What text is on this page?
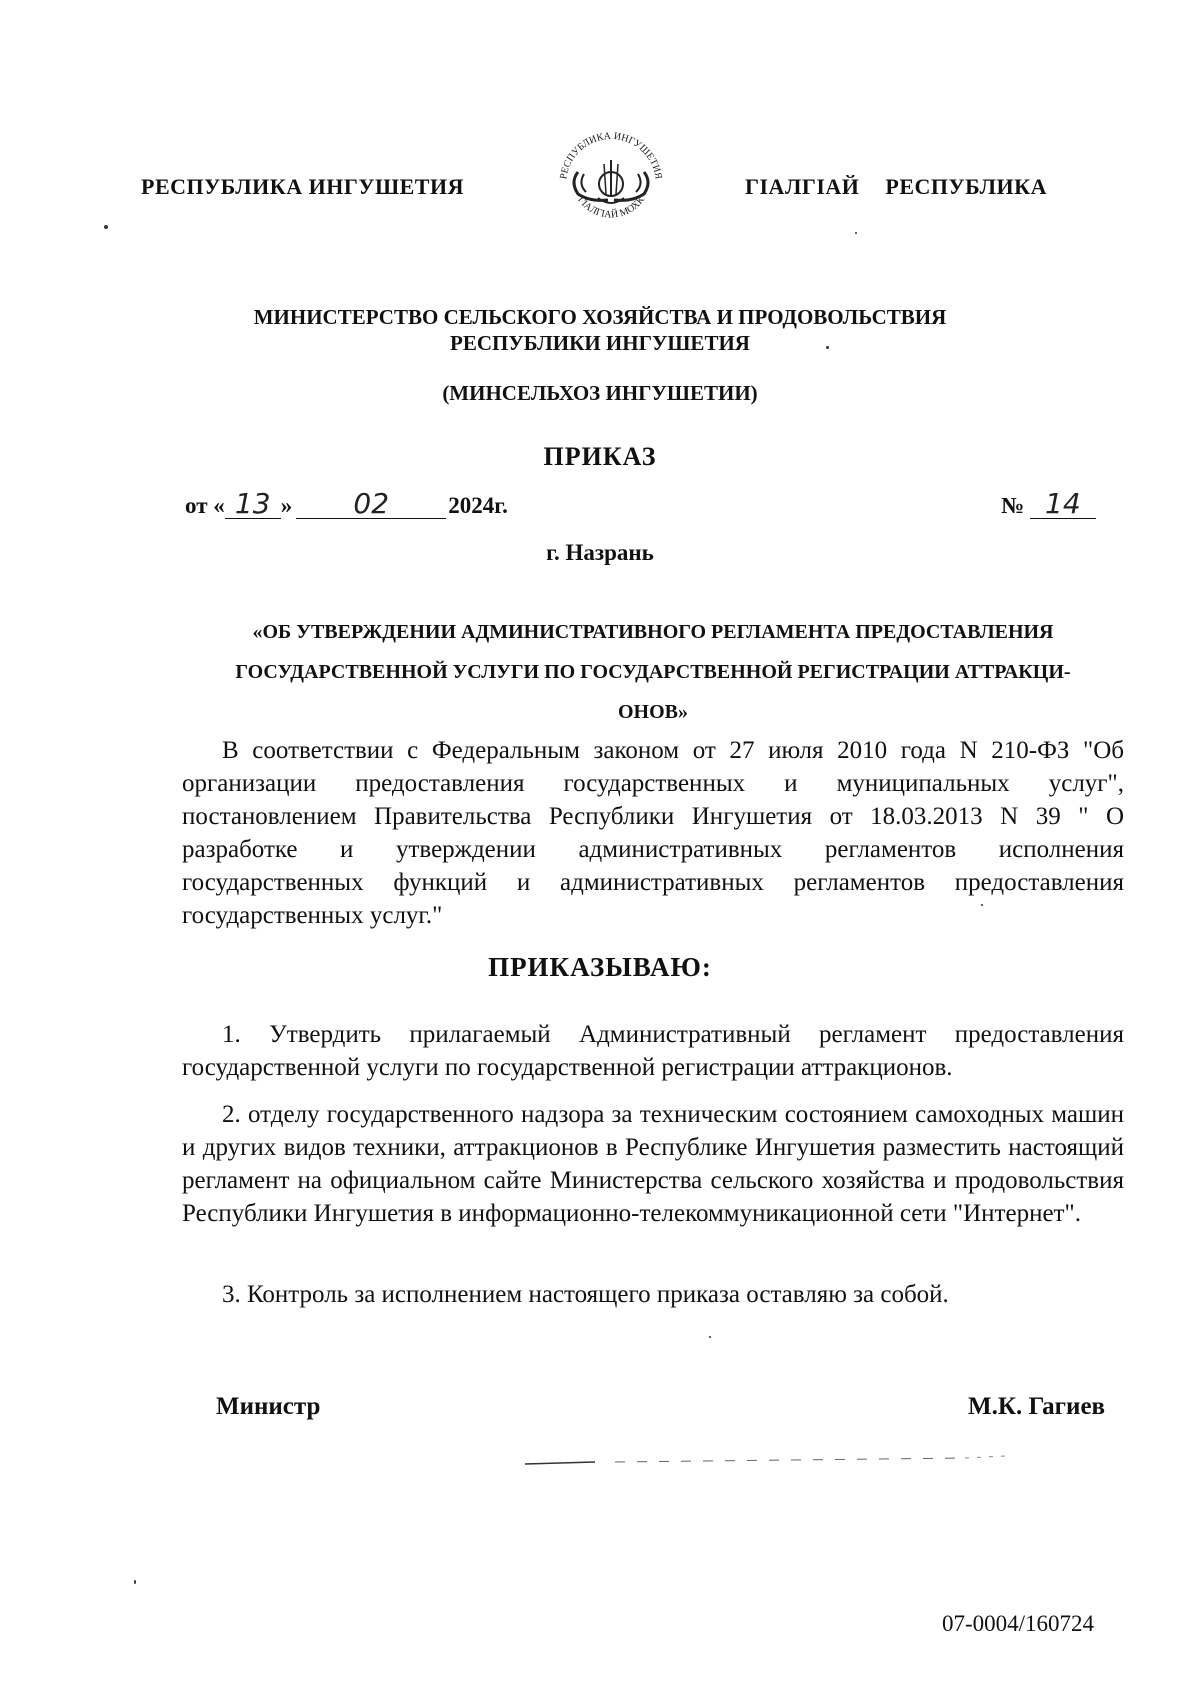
РЕСПУБЛИКА ИНГУШЕТИЯ	РЕСПУБЛИКА ИНГУШЕТИЯ
ГIАЛГIАЙ МОХК
ГIАЛГIАЙ РЕСПУБЛИКА
МИНИСТЕРСТВО СЕЛЬСКОГО ХОЗЯЙСТВА И ПРОДОВОЛЬСТВИЯ
РЕСПУБЛИКИ ИНГУШЕТИЯ
(МИНСЕЛЬХОЗ ИНГУШЕТИИ)
ПРИКАЗ
от « 13 » 02	2024г.	№ 14
г. Назрань
«ОБ УТВЕРЖДЕНИИ АДМИНИСТРАТИВНОГО РЕГЛАМЕНТА ПРЕДОСТАВЛЕНИЯ
ГОСУДАРСТВЕННОЙ УСЛУГИ ПО ГОСУДАРСТВЕННОЙ РЕГИСТРАЦИИ АТТРАКЦИ-
ОНОВ»
В соответствии с Федеральным законом от 27 июля 2010 года N 210-ФЗ "Об организации предоставления государственных и муниципальных услуг", постановлением Правительства Республики Ингушетия от 18.03.2013 N 39 " О разработке и утверждении административных регламентов исполнения государственных функций и административных регламентов предоставления государственных услуг."
ПРИКАЗЫВАЮ:
1. Утвердить прилагаемый Административный регламент предоставления государственной услуги по государственной регистрации аттракционов.
2. отделу государственного надзора за техническим состоянием самоходных машин и других видов техники, аттракционов в Республике Ингушетия разместить настоящий регламент на официальном сайте Министерства сельского хозяйства и продовольствия Республики Ингушетия в информационно-телекоммуникационной сети "Интернет".
3. Контроль за исполнением настоящего приказа оставляю за собой.
Министр	М.К. Гагиев
07-0004/160724
